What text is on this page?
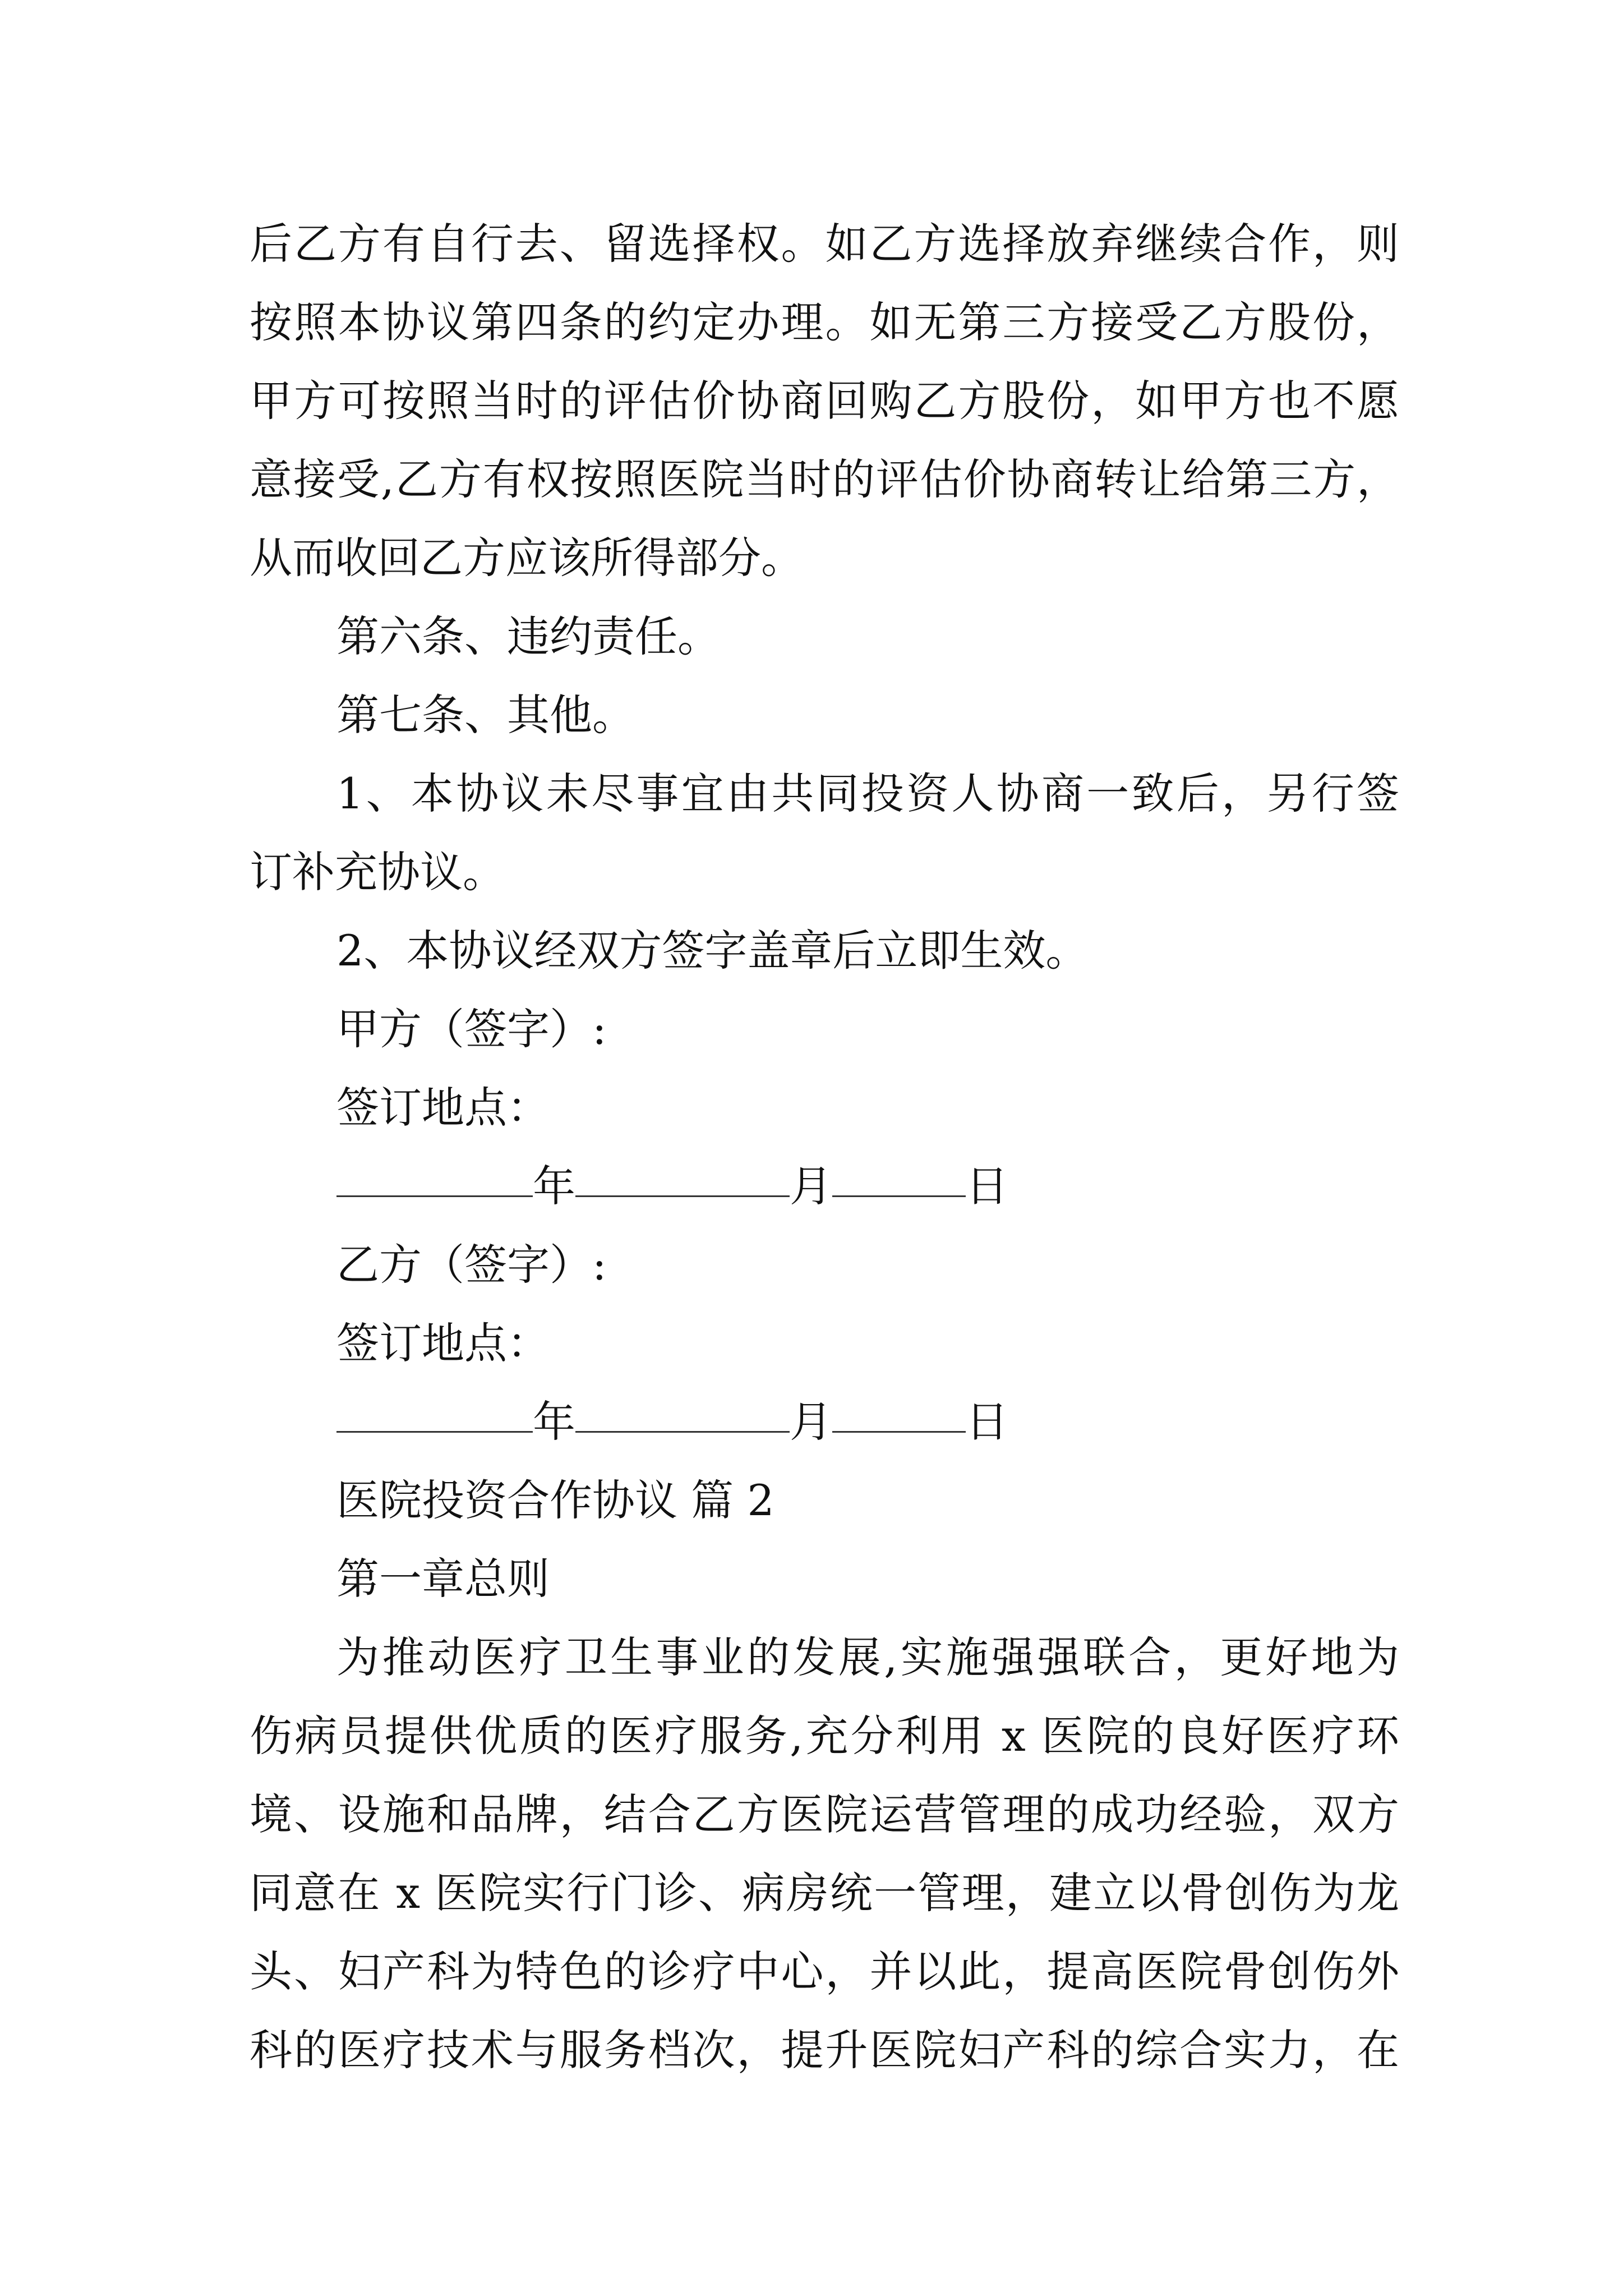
后乙方有自行去、留选择权。如乙方选择放弃继续合作，则
按照本协议第四条的约定办理。如无第三方接受乙方股份，
甲方可按照当时的评估价协商回购乙方股份，如甲方也不愿
意接受,乙方有权按照医院当时的评估价协商转让给第三方，
从而收回乙方应该所得部分。
第六条、违约责任。
第七条、其他。
1、本协议未尽事宜由共同投资人协商一致后，另行签
订补充协议。
2、本协议经双方签字盖章后立即生效。
甲方（签字）:
签订地点：
年	月	日
乙方（签字）:
签订地点：
年	月	日
医院投资合作协议 篇 2
第一章总则
为推动医疗卫生事业的发展,实施强强联合，更好地为
伤病员提供优质的医疗服务,充分利用 x 医院的良好医疗环
境、设施和品牌，结合乙方医院运营管理的成功经验，双方
同意在 x 医院实行门诊、病房统一管理，建立以骨创伤为龙
头、妇产科为特色的诊疗中心，并以此，提高医院骨创伤外
科的医疗技术与服务档次，提升医院妇产科的综合实力，在
